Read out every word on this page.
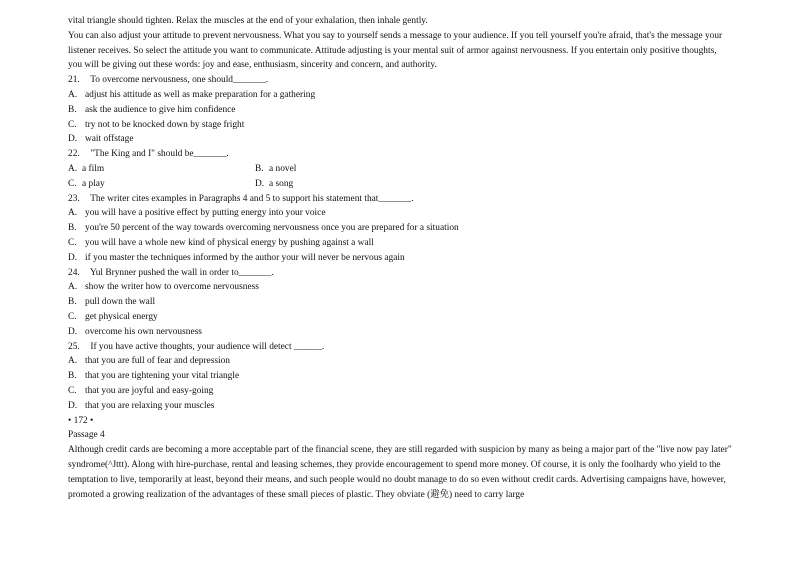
vital triangle should tighten. Relax the muscles at the end of your exhalation, then inhale gently.
You can also adjust your attitude to prevent nervousness. What you say to yourself sends a message to your audience. If you tell yourself you're afraid, that's the message your listener receives. So select the attitude you want to communicate. Attitude adjusting is your mental suit of armor against nervousness. If you entertain only positive thoughts, you will be giving out these words: joy and ease, enthusiasm, sincerity and concern, and authority.
21. To overcome nervousness, one should_______.
A. adjust his attitude as well as make preparation for a gathering
B. ask the audience to give him confidence
C. try not to be knocked down by stage fright
D. wait offstage
22. "The King and I" should be_______.
A. a film	B. a novel
C. a play	D. a song
23. The writer cites examples in Paragraphs 4 and 5 to support his statement that_______.
A. you will have a positive effect by putting energy into your voice
B. you're 50 percent of the way towards overcoming nervousness once you are prepared for a situation
C. you will have a whole new kind of physical energy by pushing against a wall
D. if you master the techniques informed by the author your will never be nervous again
24. Yul Brynner pushed the wall in order to_______.
A. show the writer how to overcome nervousness
B. pull down the wall
C. get physical energy
D. overcome his own nervousness
25. If you have active thoughts, your audience will detect ______.
A. that you are full of fear and depression
B. that you are tightening your vital triangle
C. that you are joyful and easy-going
D. that you are relaxing your muscles
• 172 •
Passage 4
Although credit cards are becoming a more acceptable part of the financial scene, they are still regarded with suspicion by many as being a major part of the "live now pay later" syndrome(^Jttt). Along with hire-purchase, rental and leasing schemes, they provide encouragement to spend more money. Of course, it is only the foolhardy who yield to the temptation to live, temporarily at least, beyond their means, and such people would no doubt manage to do so even without credit cards. Advertising campaigns have, however, promoted a growing realization of the advantages of these small pieces of plastic. They obviate (避免) need to carry large
